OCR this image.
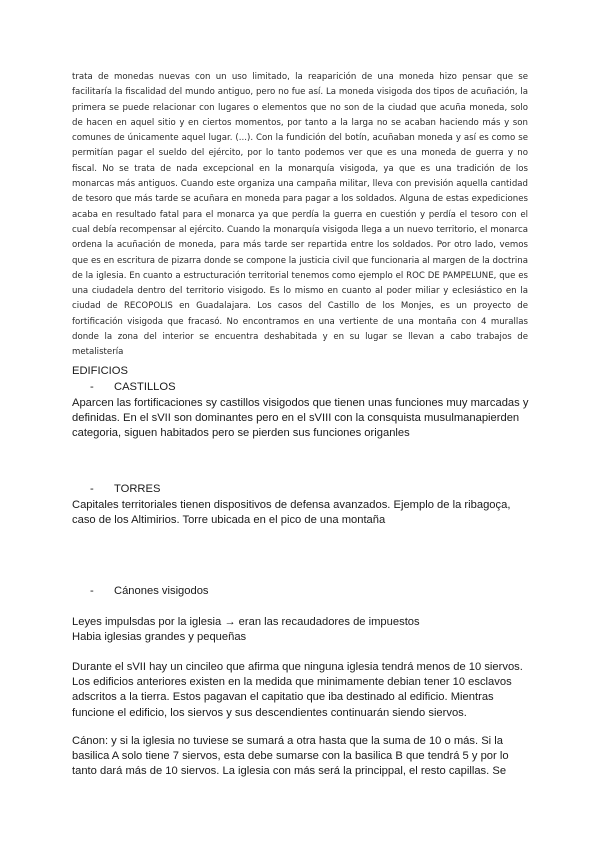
trata de monedas nuevas con un uso limitado, la reaparición de una moneda hizo pensar que se facilitaría la fiscalidad del mundo antiguo, pero no fue así. La moneda visigoda dos tipos de acuñación, la primera se puede relacionar con lugares o elementos que no son de la ciudad que acuña moneda, solo de hacen en aquel sitio y en ciertos momentos, por tanto a la larga no se acaban haciendo más y son comunes de únicamente aquel lugar. (...). Con la fundición del botín, acuñaban moneda y así es como se permitían pagar el sueldo del ejército, por lo tanto podemos ver que es una moneda de guerra y no fiscal. No se trata de nada excepcional en la monarquía visigoda, ya que es una tradición de los monarcas más antiguos. Cuando este organiza una campaña militar, lleva con previsión aquella cantidad de tesoro que más tarde se acuñara en moneda para pagar a los soldados. Alguna de estas expediciones acaba en resultado fatal para el monarca ya que perdía la guerra en cuestión y perdía el tesoro con el cual debía recompensar al ejército. Cuando la monarquía visigoda llega a un nuevo territorio, el monarca ordena la acuñación de moneda, para más tarde ser repartida entre los soldados. Por otro lado, vemos que es en escritura de pizarra donde se compone la justicia civil que funcionaria al margen de la doctrina de la iglesia. En cuanto a estructuración territorial tenemos como ejemplo el ROC DE PAMPELUNE, que es una ciudadela dentro del territorio visigodo. Es lo mismo en cuanto al poder miliar y eclesiástico en la ciudad de RECOPOLIS en Guadalajara. Los casos del Castillo de los Monjes, es un proyecto de fortificación visigoda que fracasó. No encontramos en una vertiente de una montaña con 4 murallas donde la zona del interior se encuentra deshabitada y en su lugar se llevan a cabo trabajos de metalistería

EDIFICIOS
- CASTILLOS
Aparcen las fortificaciones sy castillos visigodos que tienen unas funciones muy marcadas y
definidas. En el sVII son dominantes pero en el sVIII con la consquista musulmanapierden
categoria, siguen habitados pero se pierden sus funciones origanles
- TORRES
Capitales territoriales tienen dispositivos de defensa avanzados. Ejemplo de la ribagoça,
caso de los Altimirios. Torre ubicada en el pico de una montaña
- Cánones visigodos
Leyes impulsdas por la iglesia → eran las recaudadores de impuestos
Habia iglesias grandes y pequeñas
Durante el sVII hay un cincileo que afirma que ninguna iglesia tendrá menos de 10 siervos.
Los edificios anteriores existen en la medida que minimamente debian tener 10 esclavos
adscritos a la tierra. Estos pagavan el capitatio que iba destinado al edificio. Mientras
funcione el edificio, los siervos y sus descendientes continuarán siendo siervos.
Cánon: y si la iglesia no tuviese se sumará a otra hasta que la suma de 10 o más. Si la
basilica A solo tiene 7 siervos, esta debe sumarse con la basilica B que tendrá 5 y por lo
tanto dará más de 10 siervos. La iglesia con más será la princippal, el resto capillas. Se
